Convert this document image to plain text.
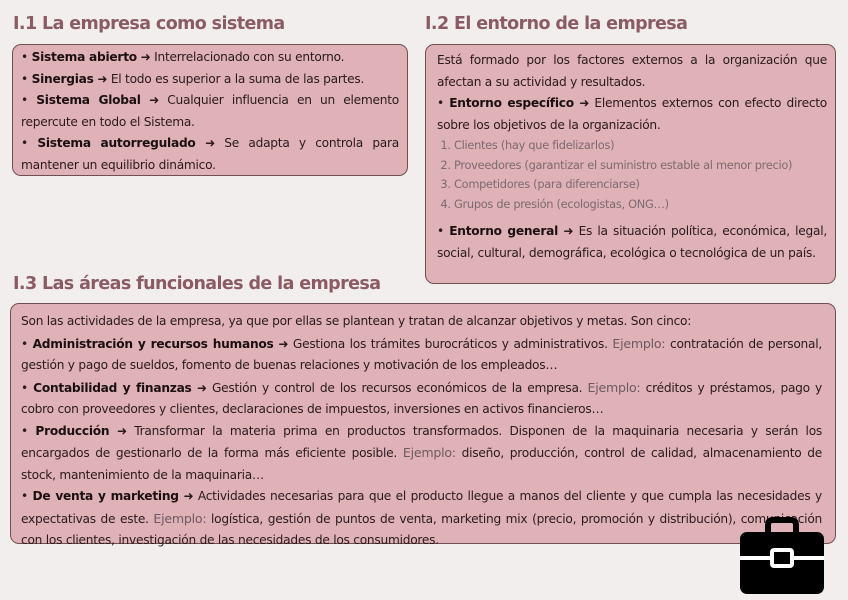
I.1 La empresa como sistema

• Sistema abierto ➜ Interrelacionado con su entorno.

• Sinergias ➜ El todo es superior a la suma de las partes.

• Sistema Global ➜ Cualquier influencia en un elemento repercute en todo el Sistema.

• Sistema autorregulado ➜ Se adapta y controla para mantener un equilibrio dinámico.

I.2 El entorno de la empresa

Está formado por los factores externos a la organización que afectan a su actividad y resultados.

• Entorno específico ➜ Elementos externos con efecto directo sobre los objetivos de la organización.

1. Clientes (hay que fidelizarlos)
2. Proveedores (garantizar el suministro estable al menor precio)
3. Competidores (para diferenciarse)
4. Grupos de presión (ecologistas, ONG…)

• Entorno general ➜ Es la situación política, económica, legal, social, cultural, demográfica, ecológica o tecnológica de un país.

I.3 Las áreas funcionales de la empresa

Son las actividades de la empresa, ya que por ellas se plantean y tratan de alcanzar objetivos y metas. Son cinco:

• Administración y recursos humanos ➜ Gestiona los trámites burocráticos y administrativos. Ejemplo: contratación de personal, gestión y pago de sueldos, fomento de buenas relaciones y motivación de los empleados…

• Contabilidad y finanzas ➜ Gestión y control de los recursos económicos de la empresa. Ejemplo: créditos y préstamos, pago y cobro con proveedores y clientes, declaraciones de impuestos, inversiones en activos financieros…

• Producción ➜ Transformar la materia prima en productos transformados. Disponen de la maquinaria necesaria y serán los encargados de gestionarlo de la forma más eficiente posible. Ejemplo: diseño, producción, control de calidad, almacenamiento de stock, mantenimiento de la maquinaria…

• De venta y marketing ➜ Actividades necesarias para que el producto llegue a manos del cliente y que cumpla las necesidades y expectativas de este. Ejemplo: logística, gestión de puntos de venta, marketing mix (precio, promoción y distribución), comunicación con los clientes, investigación de las necesidades de los consumidores.
